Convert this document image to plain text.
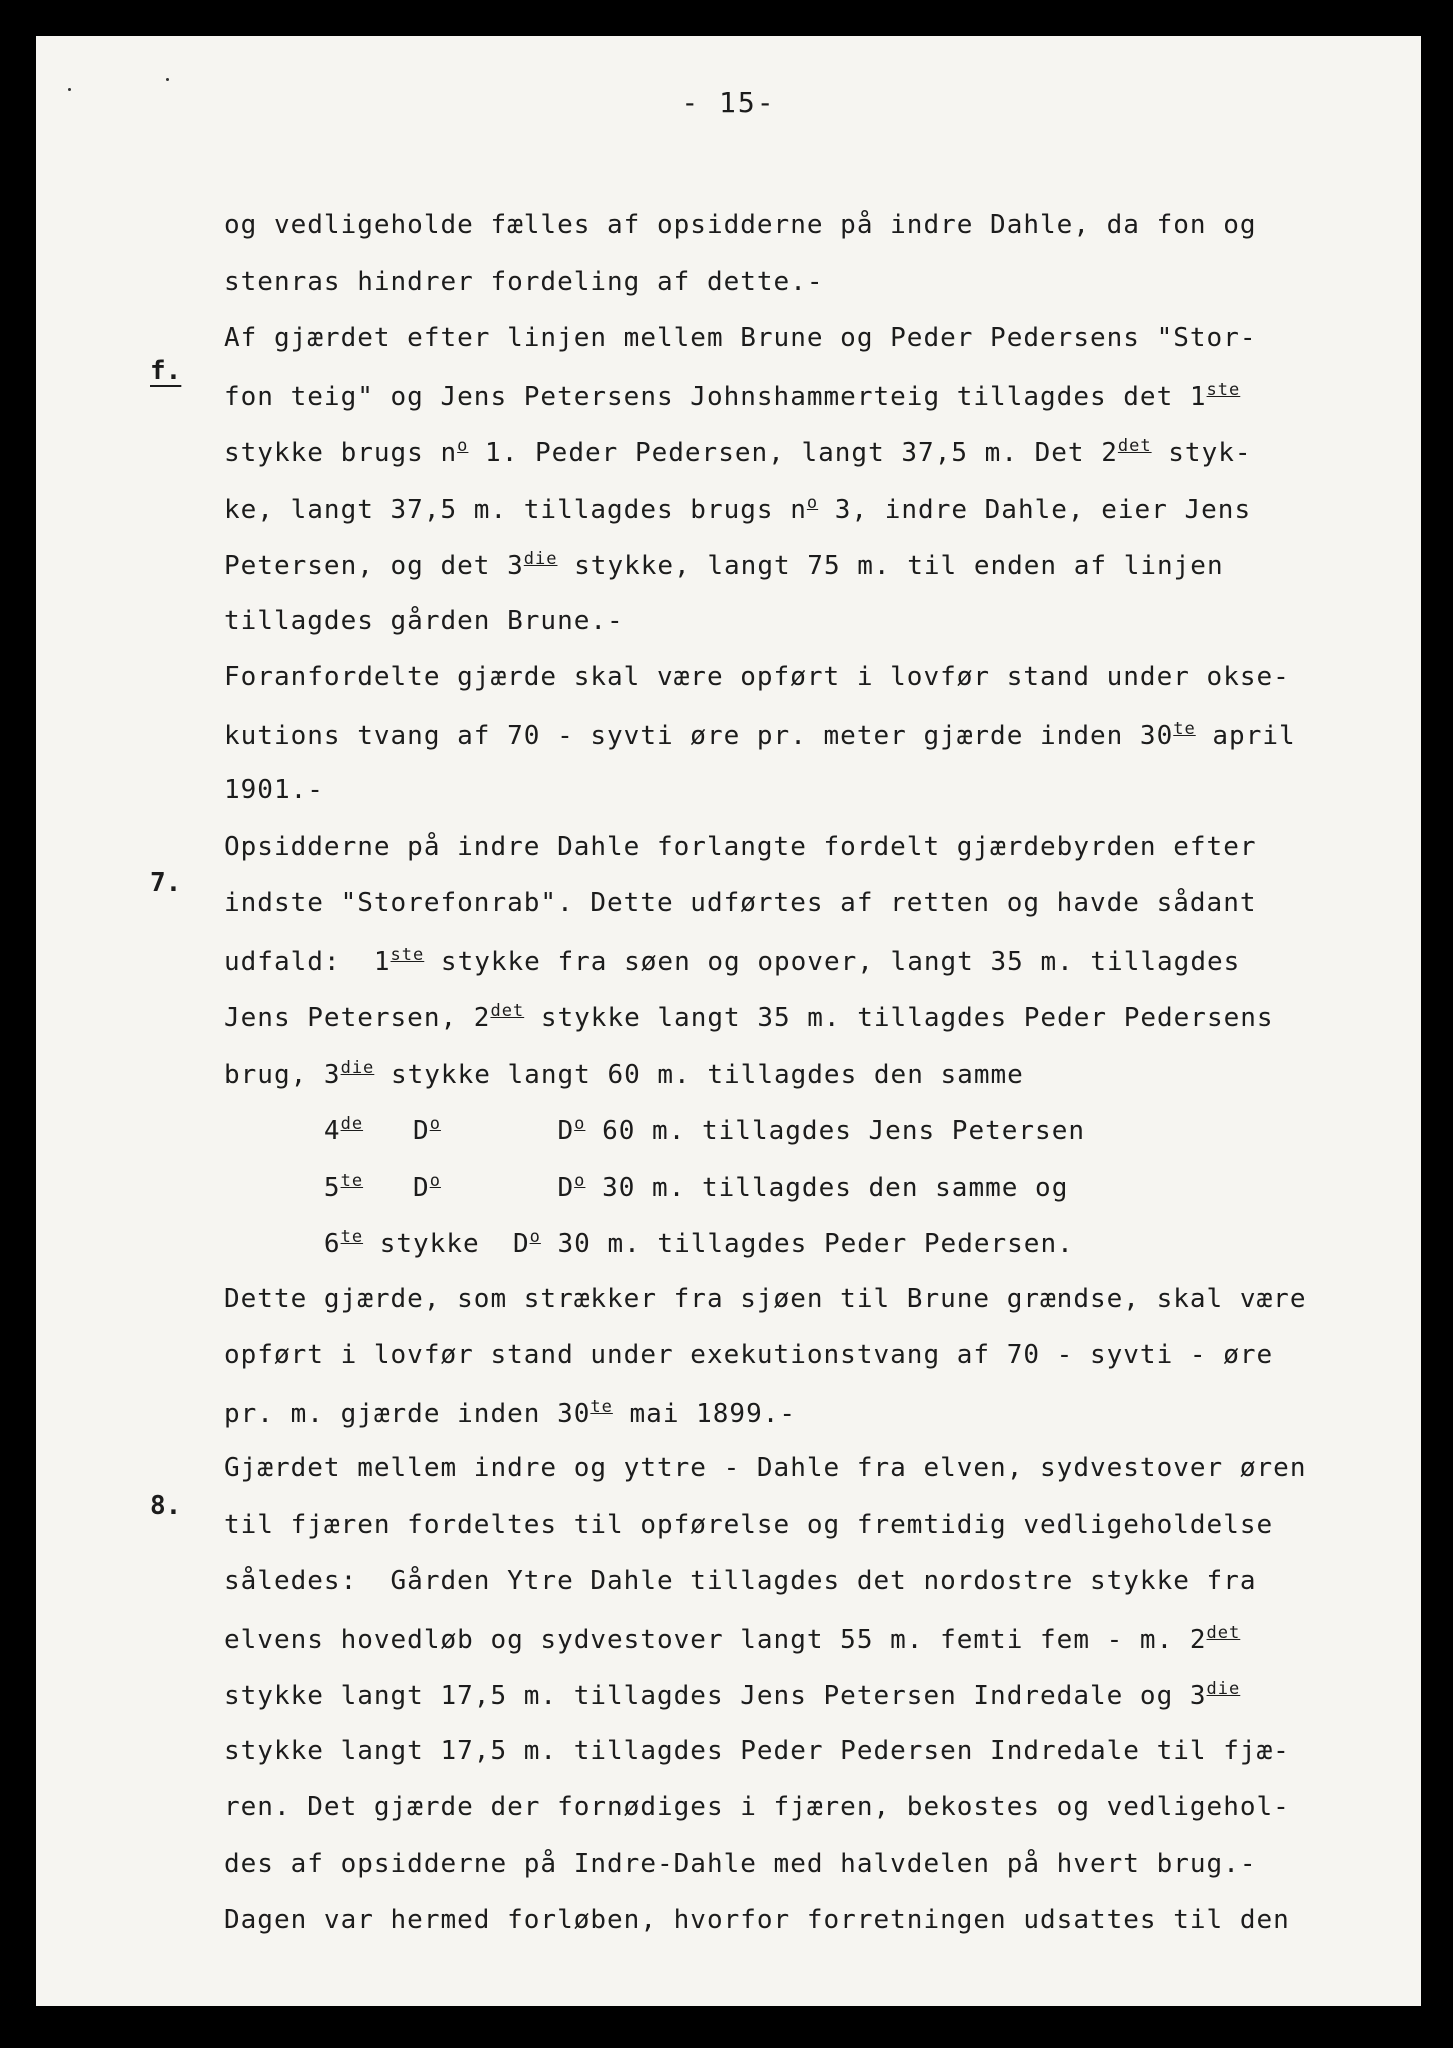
- 15-
f.
7.
8.
og vedligeholde fælles af opsidderne på indre Dahle, da fon og
stenras hindrer fordeling af dette.-
Af gjærdet efter linjen mellem Brune og Peder Pedersens "Stor-
fon teig" og Jens Petersens Johnshammerteig tillagdes det 1ste
stykke brugs $n^o$ 1. Peder Pedersen, langt 37,5 m. Det $2^{det}$ styk-
ke, langt 37,5 m. tillagdes brugs $n^o$ 3, indre Dahle, eier Jens
Petersen, og $\det 3^{die}$ stykke, langt 75 m. til enden af linjen
tillagdes gården Brune.-
Foranfordelte gjærde skal være opført i lovfør stand under okse-
kutions tvang af 70 - syvti øre pr. meter gjærde inden $30^{te}$ april
1901.-
Opsidderne på indre Dahle forlangte fordelt gjærdebyrden efter
indste "Storefonrab". Dette udførtes af retten og havde sådant
udfald:  1ste stykke fra søen og opover, langt 35 m. tillagdes
Jens Petersen, $2^{det}$ stykke langt 35 m. tillagdes Peder Pedersens
brug, $3^{die}$ stykke langt 60 m. tillagdes den samme
4de   $D^o$       $D^o$ 60 m. tillagdes Jens Petersen
$5^{te}$   $D^o$       $D^o$ 30 m. tillagdes den samme og
$6^{te}$ stykke  $D^o$ 30 m. tillagdes Peder Pedersen.
Dette gjærde, som strækker fra sjøen til Brune grændse, skal være
opført i lovfør stand under exekutionstvang af 70 - syvti - øre
pr. m. gjærde inden $30^{te}$ mai 1899.-
Gjærdet mellem indre og yttre - Dahle fra elven, sydvestover øren
til fjæren fordeltes til opførelse og fremtidig vedligeholdelse
således:  Gården Ytre Dahle tillagdes det nordostre stykke fra
elvens hovedløb og sydvestover langt 55 m. femti fem - m. $2^{det}$
stykke langt 17,5 m. tillagdes Jens Petersen Indredale og $3^{die}$
stykke langt 17,5 m. tillagdes Peder Pedersen Indredale til fjæ-
ren. Det gjærde der fornødiges i fjæren, bekostes og vedligehol-
des af opsidderne på Indre-Dahle med halvdelen på hvert brug.-
Dagen var hermed forløben, hvorfor forretningen udsattes til den
